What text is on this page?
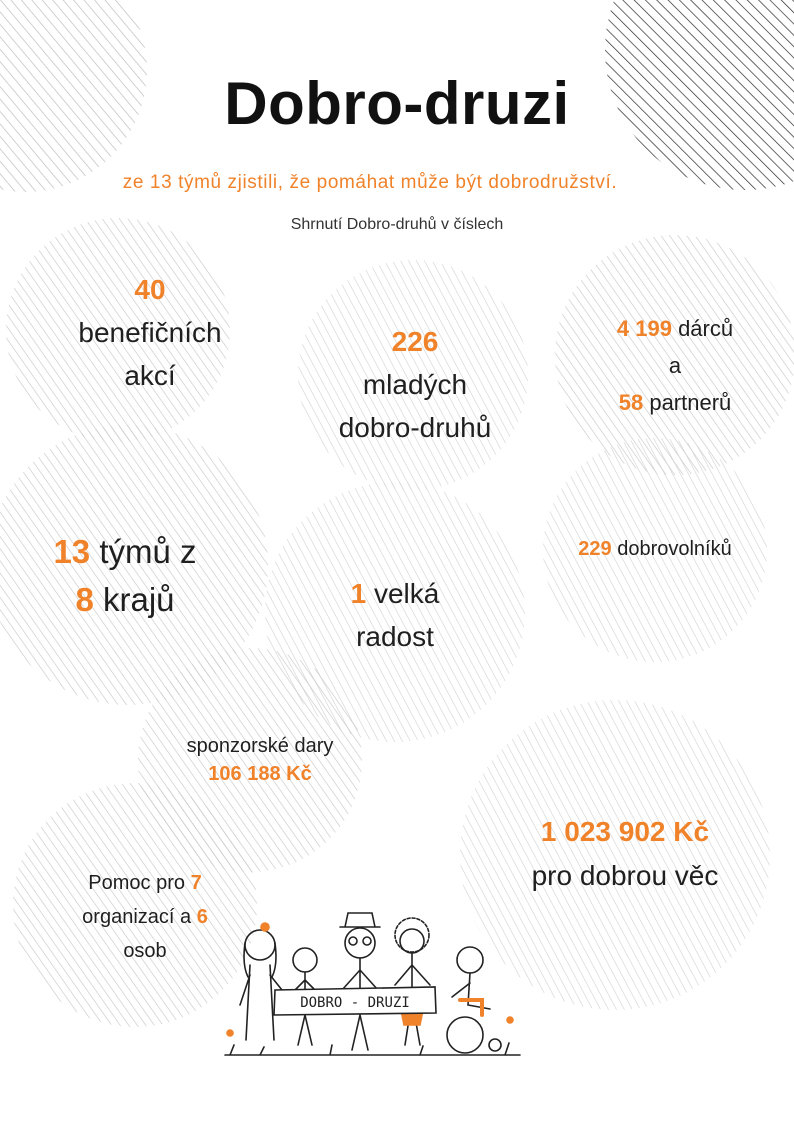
Dobro-druzi
ze 13 týmů zjistili, že pomáhat může být dobrodružství.
Shrnutí Dobro-druhů v číslech
40
benefičních
akcí
226
mladých
dobro-druhů
4 199 dárců
a
58 partnerů
229 dobrovolníků
13 týmů z
8 krajů	1 velká
radost
sponzorské dary
106 188 Kč
1 023 902 Kč
pro dobrou věc
Pomoc pro 7
organizací a 6
osob
DOBRO - DRUZI
